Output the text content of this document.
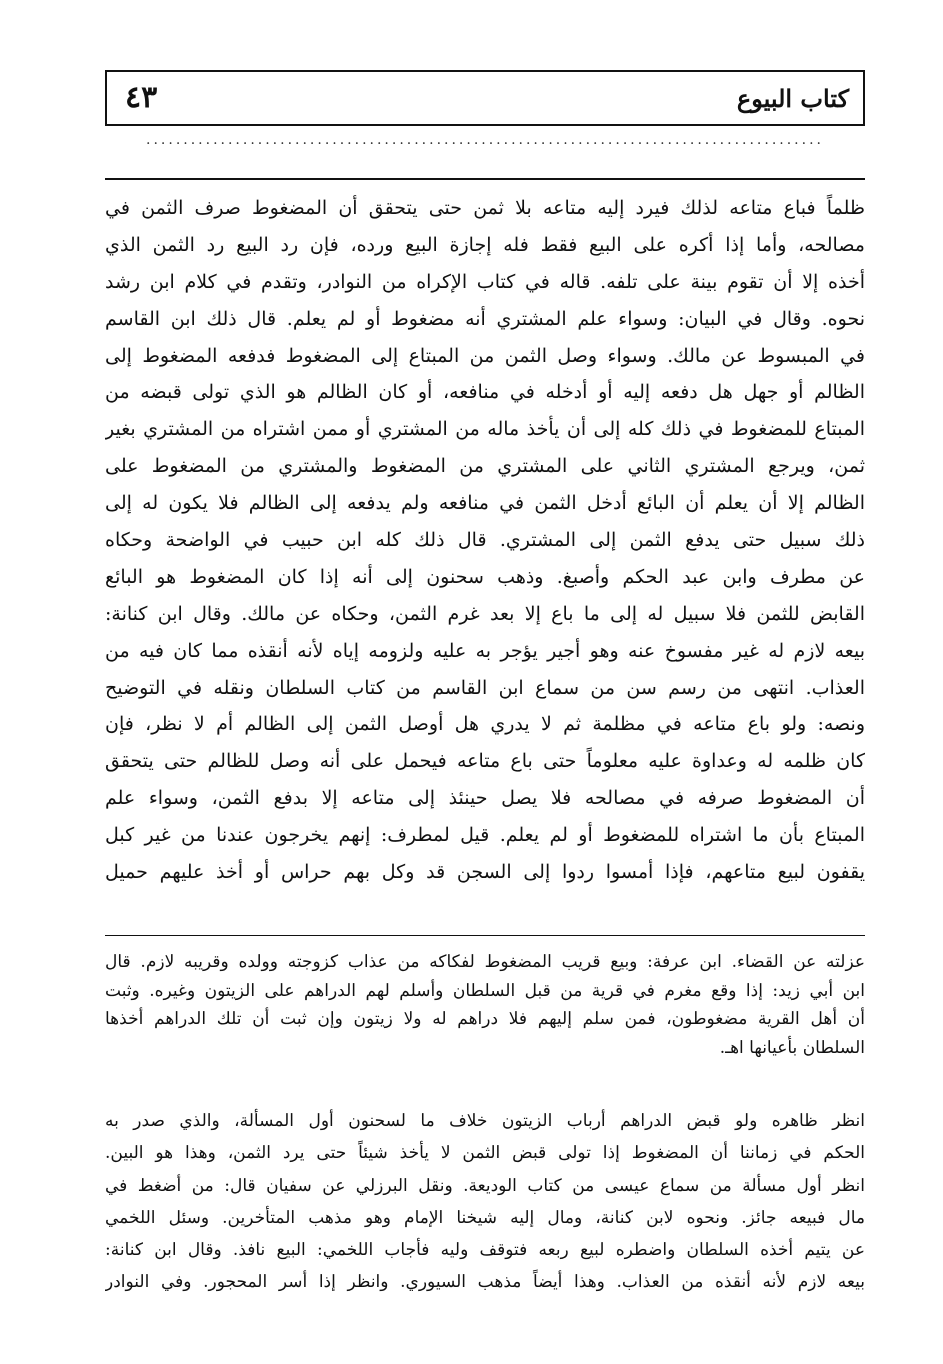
كتاب البيوع
٤٣
...........................................................................................
ظلماً فباع متاعه لذلك فيرد إليه متاعه بلا ثمن حتى يتحقق أن المضغوط صرف الثمن في
مصالحه، وأما إذا أكره على البيع فقط فله إجازة البيع ورده، فإن رد البيع رد الثمن الذي
أخذه إلا أن تقوم بينة على تلفه. قاله في كتاب الإكراه من النوادر، وتقدم في كلام ابن رشد
نحوه. وقال في البيان: وسواء علم المشتري أنه مضغوط أو لم يعلم. قال ذلك ابن القاسم
في المبسوط عن مالك. وسواء وصل الثمن من المبتاع إلى المضغوط فدفعه المضغوط إلى
الظالم أو جهل هل دفعه إليه أو أدخله في منافعه، أو كان الظالم هو الذي تولى قبضه من
المبتاع للمضغوط في ذلك كله إلى أن يأخذ ماله من المشتري أو ممن اشتراه من المشتري بغير
ثمن، ويرجع المشتري الثاني على المشتري من المضغوط والمشتري من المضغوط على
الظالم إلا أن يعلم أن البائع أدخل الثمن في منافعه ولم يدفعه إلى الظالم فلا يكون له إلى
ذلك سبيل حتى يدفع الثمن إلى المشتري. قال ذلك كله ابن حبيب في الواضحة وحكاه
عن مطرف وابن عبد الحكم وأصبغ. وذهب سحنون إلى أنه إذا كان المضغوط هو البائع
القابض للثمن فلا سبيل له إلى ما باع إلا بعد غرم الثمن، وحكاه عن مالك. وقال ابن كنانة:
بيعه لازم له غير مفسوخ عنه وهو أجير يؤجر به عليه ولزومه إياه لأنه أنقذه مما كان فيه من
العذاب. انتهى من رسم سن من سماع ابن القاسم من كتاب السلطان ونقله في التوضيح
ونصه: ولو باع متاعه في مظلمة ثم لا يدري هل أوصل الثمن إلى الظالم أم لا نظر، فإن
كان ظلمه له وعداوة عليه معلوماً حتى باع متاعه فيحمل على أنه وصل للظالم حتى يتحقق
أن المضغوط صرفه في مصالحه فلا يصل حينئذ إلى متاعه إلا بدفع الثمن، وسواء علم
المبتاع بأن ما اشتراه للمضغوط أو لم يعلم. قيل لمطرف: إنهم يخرجون عندنا من غير كبل
يقفون لبيع متاعهم، فإذا أمسوا ردوا إلى السجن قد وكل بهم حراس أو أخذ عليهم حميل
عزلته عن القضاء. ابن عرفة: وبيع قريب المضغوط لفكاكه من عذاب كزوجته وولده وقريبه لازم. قال
ابن أبي زيد: إذا وقع مغرم في قرية من قبل السلطان وأسلم لهم الدراهم على الزيتون وغيره. وثبت
أن أهل القرية مضغوطون، فمن سلم إليهم فلا دراهم له ولا زيتون وإن ثبت أن تلك الدراهم أخذها
السلطان بأعيانها اهـ.
انظر ظاهره ولو قبض الدراهم أرباب الزيتون خلاف ما لسحنون أول المسألة، والذي صدر به
الحكم في زماننا أن المضغوط إذا تولى قبض الثمن لا يأخذ شيئاً حتى يرد الثمن، وهذا هو البين.
انظر أول مسألة من سماع عيسى من كتاب الوديعة. ونقل البرزلي عن سفيان قال: من أضغط في
مال فبيعه جائز. ونحوه لابن كنانة، ومال إليه شيخنا الإمام وهو مذهب المتأخرين. وسئل اللخمي
عن يتيم أخذه السلطان واضطره لبيع ربعه فتوقف وليه فأجاب اللخمي: البيع نافذ. وقال ابن كنانة:
بيعه لازم لأنه أنقذه من العذاب. وهذا أيضاً مذهب السيوري. وانظر إذا أسر المحجور. وفي النوادر
